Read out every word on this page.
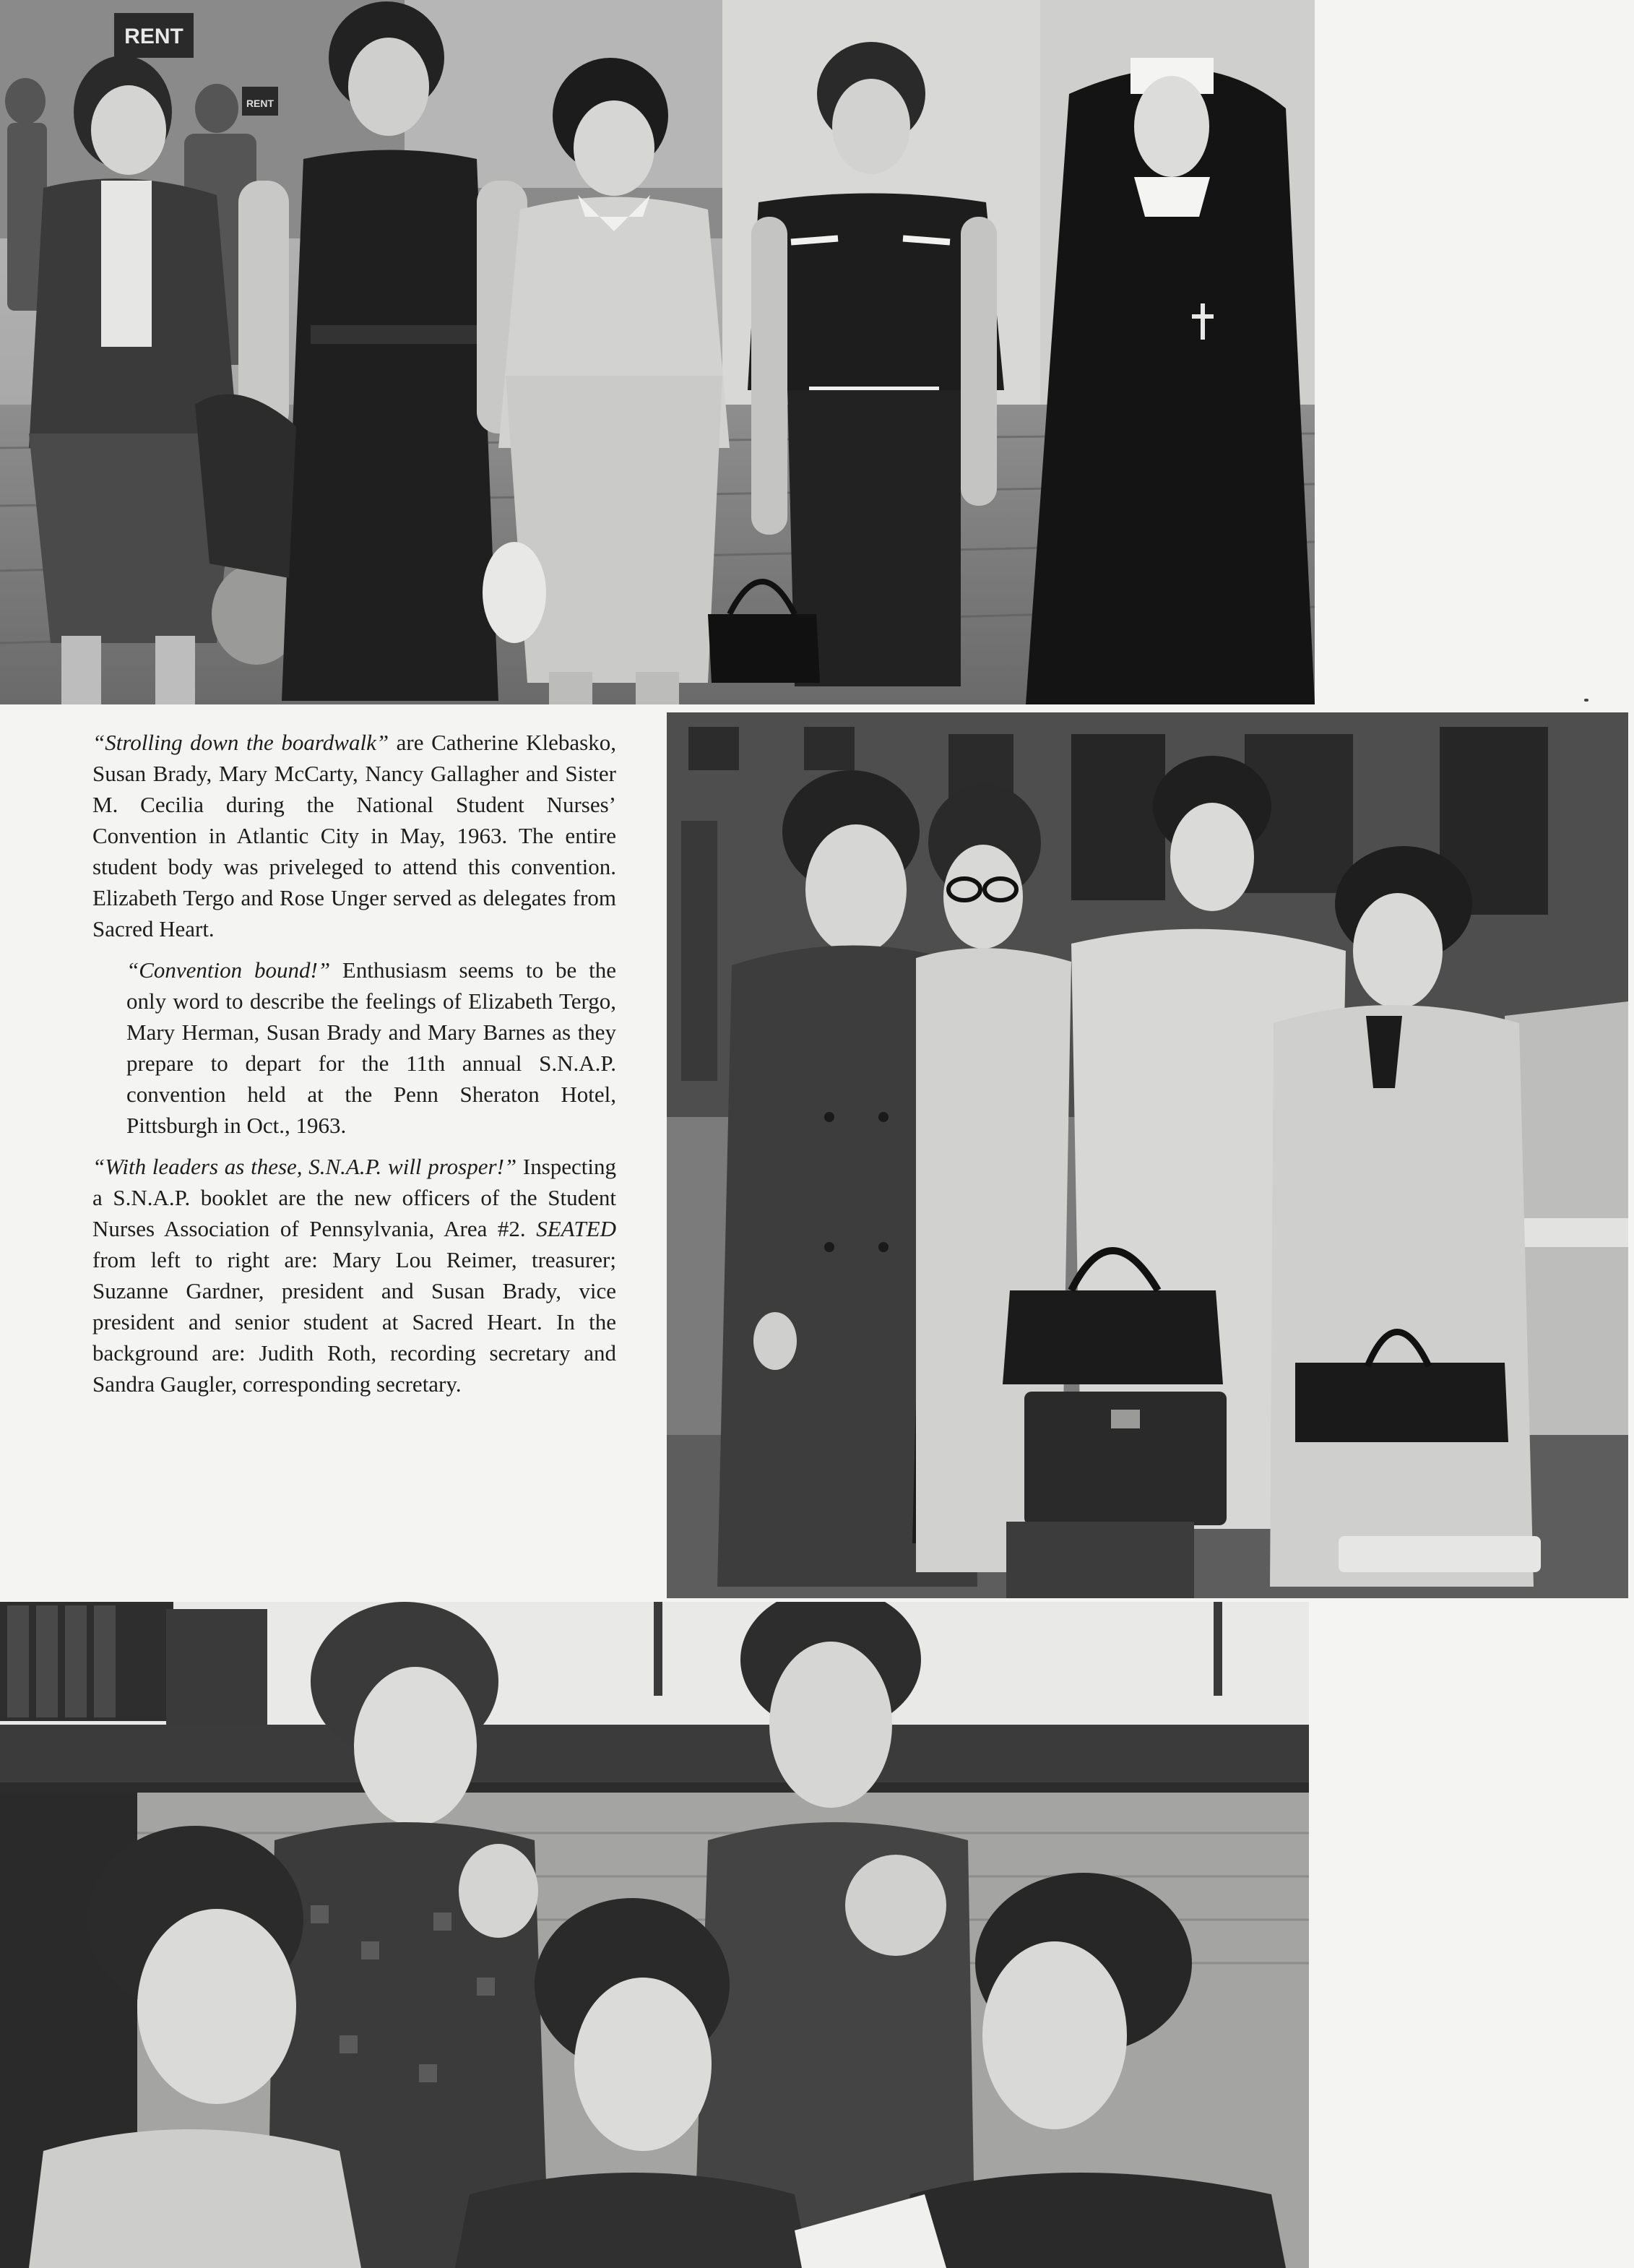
RENT
RENT

“Strolling down the boardwalk” are Catherine Klebasko, Susan Brady, Mary McCarty, Nancy Gallagher and Sister M. Cecilia during the National Student Nurses’ Convention in Atlantic City in May, 1963. The entire student body was priveleged to attend this convention. Elizabeth Tergo and Rose Unger served as delegates from Sacred Heart.

“Convention bound!” Enthusiasm seems to be the only word to describe the feelings of Elizabeth Tergo, Mary Herman, Susan Brady and Mary Barnes as they prepare to depart for the 11th annual S.N.A.P. convention held at the Penn Sheraton Hotel, Pittsburgh in Oct., 1963.

“With leaders as these, S.N.A.P. will prosper!” Inspecting a S.N.A.P. booklet are the new officers of the Student Nurses Association of Pennsylvania, Area #2. SEATED from left to right are: Mary Lou Reimer, treasurer; Suzanne Gardner, president and Susan Brady, vice president and senior student at Sacred Heart. In the background are: Judith Roth, recording secretary and Sandra Gaugler, corresponding secretary.
